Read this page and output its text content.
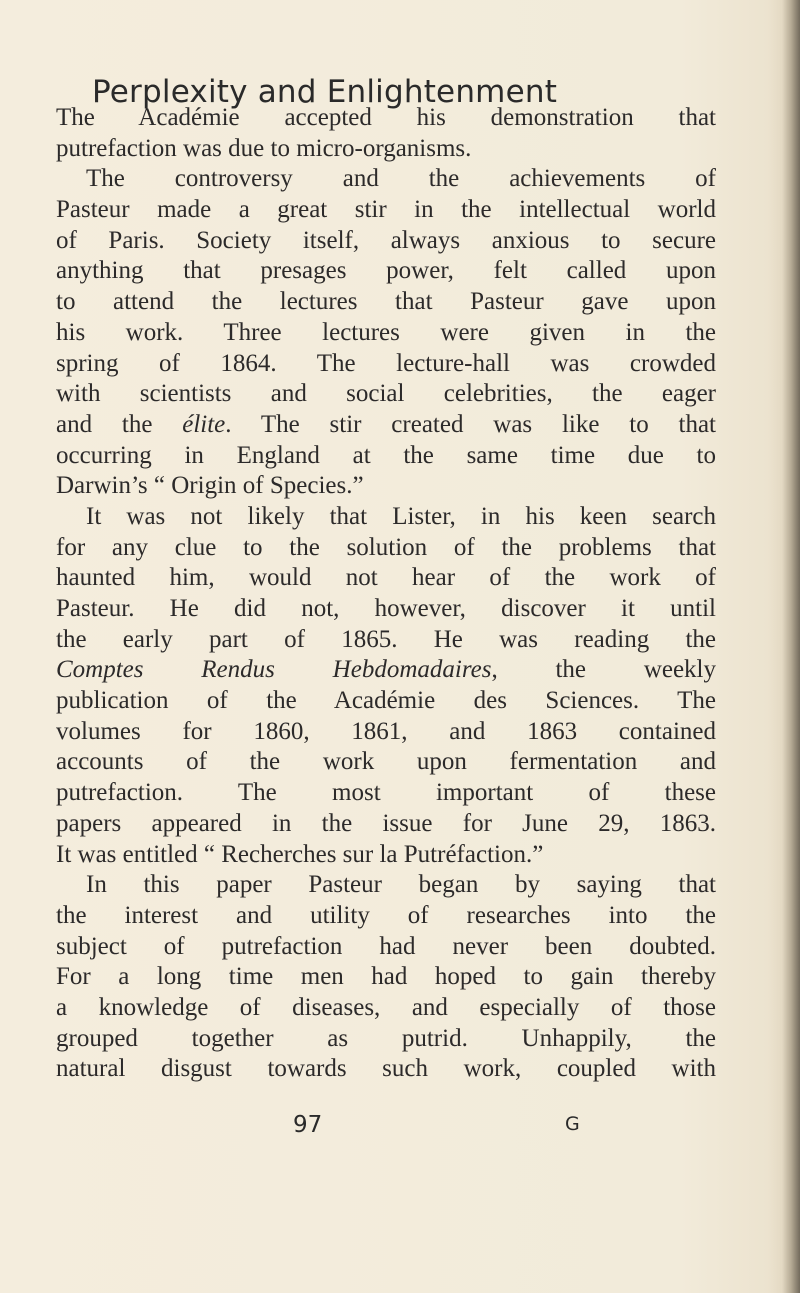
Perplexity and Enlightenment
The Académie accepted his demonstration that
putrefaction was due to micro-organisms.
The controversy and the achievements of
Pasteur made a great stir in the intellectual world
of Paris. Society itself, always anxious to secure
anything that presages power, felt called upon
to attend the lectures that Pasteur gave upon
his work. Three lectures were given in the
spring of 1864. The lecture-hall was crowded
with scientists and social celebrities, the eager
and the élite. The stir created was like to that
occurring in England at the same time due to
Darwin’s “ Origin of Species.”
It was not likely that Lister, in his keen search
for any clue to the solution of the problems that
haunted him, would not hear of the work of
Pasteur. He did not, however, discover it until
the early part of 1865. He was reading the
Comptes Rendus Hebdomadaires, the weekly
publication of the Académie des Sciences. The
volumes for 1860, 1861, and 1863 contained
accounts of the work upon fermentation and
putrefaction. The most important of these
papers appeared in the issue for June 29, 1863.
It was entitled “ Recherches sur la Putréfaction.”
In this paper Pasteur began by saying that
the interest and utility of researches into the
subject of putrefaction had never been doubted.
For a long time men had hoped to gain thereby
a knowledge of diseases, and especially of those
grouped together as putrid. Unhappily, the
natural disgust towards such work, coupled with
97	G
